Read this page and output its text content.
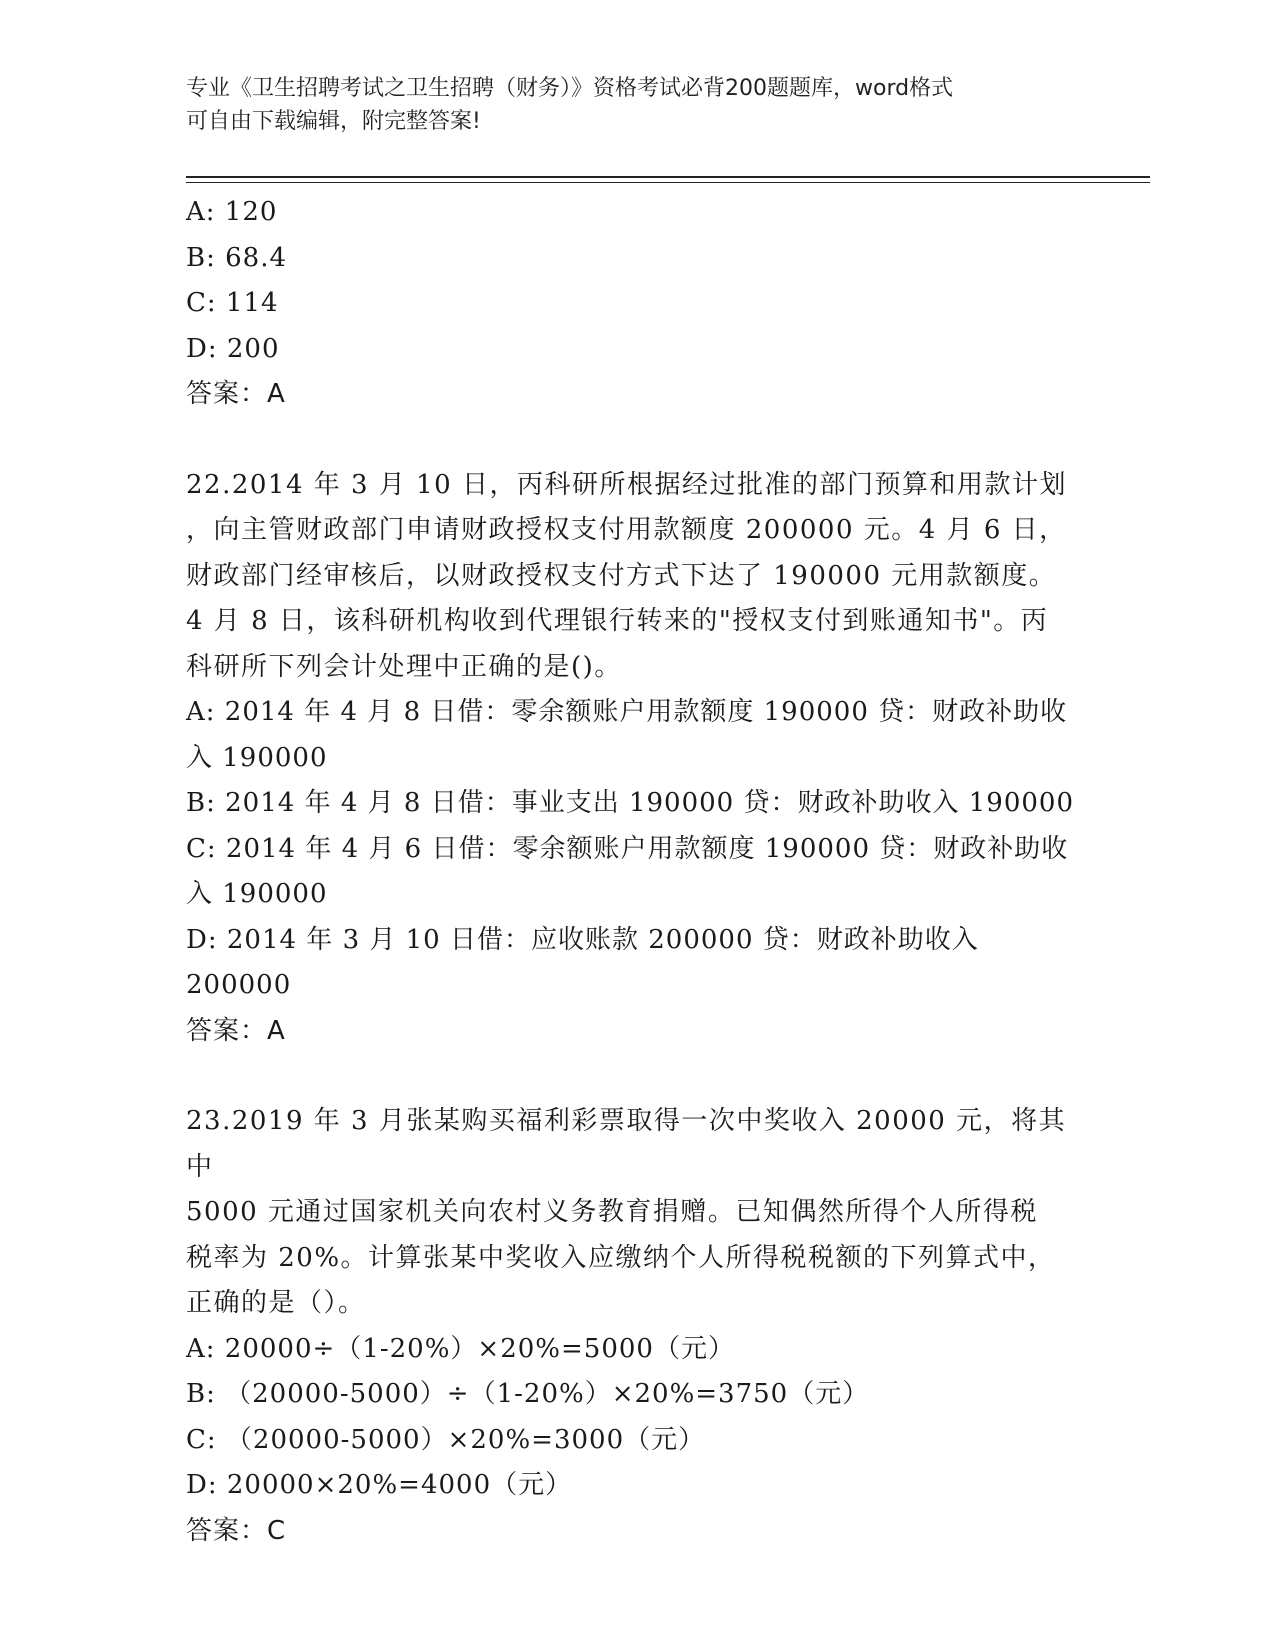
专业《卫生招聘考试之卫生招聘（财务）》资格考试必背200题题库，word格式
可自由下载编辑，附完整答案!
A: 120
B: 68.4
C: 114
D: 200
答案：A
22.2014 年 3 月 10 日，丙科研所根据经过批准的部门预算和用款计划
，向主管财政部门申请财政授权支付用款额度 200000 元。4 月 6 日，
财政部门经审核后，以财政授权支付方式下达了 190000 元用款额度。
4 月 8 日，该科研机构收到代理银行转来的"授权支付到账通知书"。丙
科研所下列会计处理中正确的是()。
A: 2014 年 4 月 8 日借：零余额账户用款额度 190000 贷：财政补助收
入 190000
B: 2014 年 4 月 8 日借：事业支出 190000 贷：财政补助收入 190000
C: 2014 年 4 月 6 日借：零余额账户用款额度 190000 贷：财政补助收
入 190000
D: 2014 年 3 月 10 日借：应收账款 200000 贷：财政补助收入 200000
答案：A
23.2019 年 3 月张某购买福利彩票取得一次中奖收入 20000 元，将其中
5000 元通过国家机关向农村义务教育捐赠。已知偶然所得个人所得税
税率为 20%。计算张某中奖收入应缴纳个人所得税税额的下列算式中，
正确的是（）。
A: 20000÷（1-20%）×20%=5000（元）
B: （20000-5000）÷（1-20%）×20%=3750（元）
C: （20000-5000）×20%=3000（元）
D: 20000×20%=4000（元）
答案：C
